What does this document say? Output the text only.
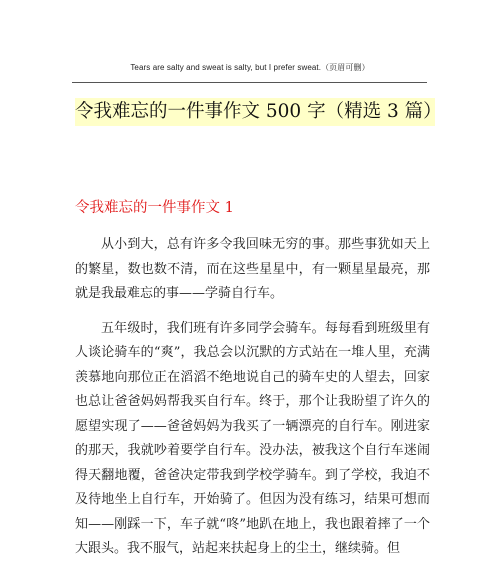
Tears are salty and sweat is salty, but I prefer sweat.（页眉可删）
令我难忘的一件事作文 500 字（精选 3 篇）
令我难忘的一件事作文 1

从小到大，总有许多令我回味无穷的事。那些事犹如天上的繁星，数也数不清，而在这些星星中，有一颗星星最亮，那就是我最难忘的事——学骑自行车。

五年级时，我们班有许多同学会骑车。每每看到班级里有人谈论骑车的“爽”，我总会以沉默的方式站在一堆人里，充满羡慕地向那位正在滔滔不绝地说自己的骑车史的人望去，回家也总让爸爸妈妈帮我买自行车。终于，那个让我盼望了许久的愿望实现了——爸爸妈妈为我买了一辆漂亮的自行车。刚进家的那天，我就吵着要学自行车。没办法，被我这个自行车迷闹得天翻地覆，爸爸决定带我到学校学骑车。到了学校，我迫不及待地坐上自行车，开始骑了。但因为没有练习，结果可想而知——刚踩一下，车子就“咚”地趴在地上，我也跟着摔了一个大跟头。我不服气，站起来扶起身上的尘土，继续骑。但
